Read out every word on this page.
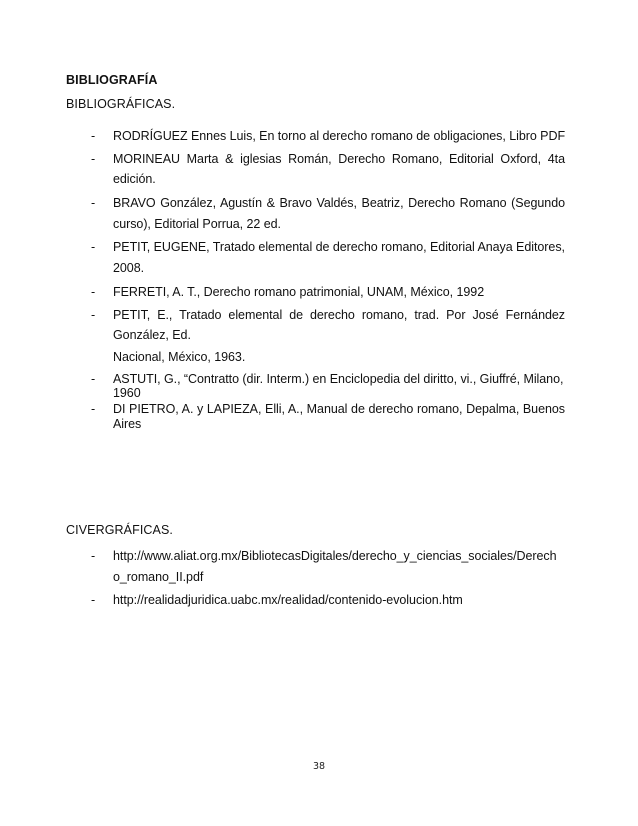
BIBLIOGRAFÍA
BIBLIOGRÁFICAS.
- RODRÍGUEZ Ennes Luis, En torno al derecho romano de obligaciones, Libro PDF
- MORINEAU Marta & iglesias Román, Derecho Romano, Editorial Oxford, 4ta
edición.
- BRAVO González, Agustín & Bravo Valdés, Beatriz, Derecho Romano (Segundo
curso), Editorial Porrua, 22 ed.
- PETIT, EUGENE, Tratado elemental de derecho romano, Editorial Anaya Editores,
2008.
- FERRETI, A. T., Derecho romano patrimonial, UNAM, México, 1992
- PETIT, E., Tratado elemental de derecho romano, trad. Por José Fernández
González, Ed.
Nacional, México, 1963.
- ASTUTI, G., “Contratto (dir. Interm.) en Enciclopedia del diritto, vi., Giuffré, Milano,
1960
- DI PIETRO, A. y LAPIEZA, Elli, A., Manual de derecho romano, Depalma, Buenos
Aires
CIVERGRÁFICAS.
- http://www.aliat.org.mx/BibliotecasDigitales/derecho_y_ciencias_sociales/Derech
o_romano_II.pdf
- http://realidadjuridica.uabc.mx/realidad/contenido-evolucion.htm
38
